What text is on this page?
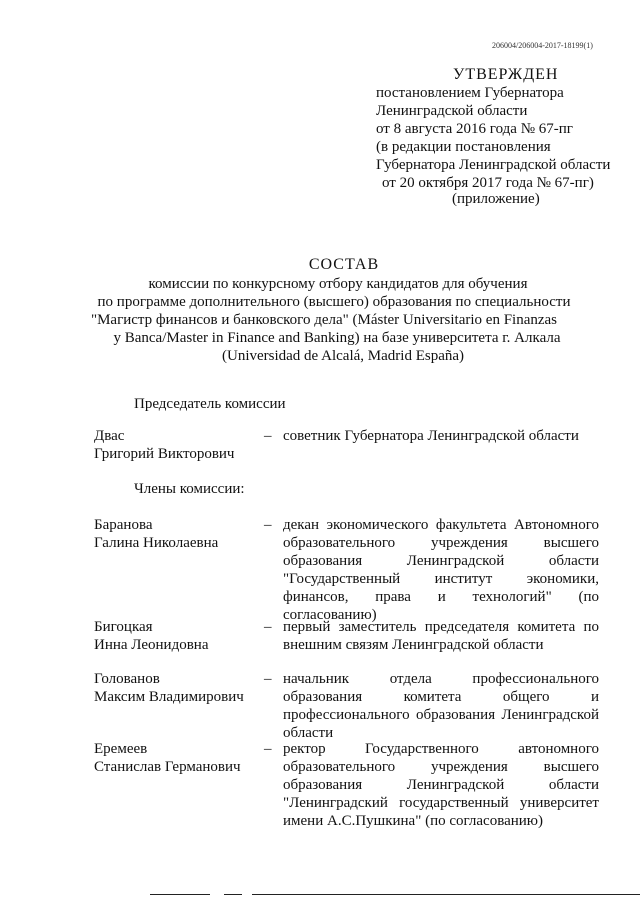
206004/206004-2017-18199(1)
УТВЕРЖДЕН
постановлением Губернатора
Ленинградской области
от 8 августа 2016 года № 67-пг
(в редакции постановления
Губернатора Ленинградской области
от 20 октября 2017 года № 67-пг)
(приложение)
СОСТАВ
комиссии по конкурсному отбору кандидатов для обучения
по программе дополнительного (высшего) образования по специальности
"Магистр финансов и банковского дела" (Máster Universitario en Finanzas
y Banca/Master in Finance and Banking) на базе университета г. Алкала
(Universidad de Alcalá, Madrid España)
Председатель комиссии
Двас
Григорий Викторович
– советник Губернатора Ленинградской области
Члены комиссии:
Баранова
Галина Николаевна
– декан экономического факультета Автономного образовательного учреждения высшего образования Ленинградской области "Государственный институт экономики, финансов, права и технологий" (по согласованию)
Бигоцкая
Инна Леонидовна
– первый заместитель председателя комитета по внешним связям Ленинградской области
Голованов
Максим Владимирович
– начальник отдела профессионального образования комитета общего и профессионального образования Ленинградской области
Еремеев
Станислав Германович
– ректор Государственного автономного образовательного учреждения высшего образования Ленинградской области "Ленинградский государственный университет имени А.С.Пушкина" (по согласованию)
